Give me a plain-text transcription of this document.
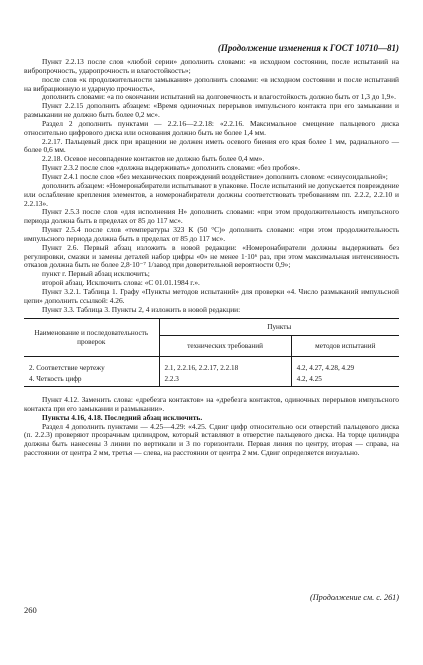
(Продолжение изменения к ГОСТ 10710—81)

Пункт 2.2.13 после слов «любой серии» дополнить словами: «в исходном состоянии, после испытаний на вибропрочность, ударопрочность и влагостойкость»;

после слов «к продолжительности замыкания» дополнить словами: «в исходном состоянии и после испытаний на вибрационную и ударную прочность»,

дополнить словами: «а по окончании испытаний на долговечность и влагостойкость должно быть от 1,3 до 1,9».

Пункт 2.2.15 дополнить абзацем: «Время одиночных перерывов импульсного контакта при его замыкании и размыкании не должно быть более 0,2 мс».

Раздел 2 дополнить пунктами — 2.2.16—2.2.18: «2.2.16. Максимальное смещение пальцевого диска относительно цифрового диска или основания должно быть не более 1,4 мм.

2.2.17. Пальцевый диск при вращении не должен иметь осевого биения его края более 1 мм, радиального — более 0,6 мм.

2.2.18. Осевое несовпадение контактов не должно быть более 0,4 мм».

Пункт 2.3.2 после слов «должна выдерживать» дополнить словами: «без пробоя».

Пункт 2.4.1 после слов «без механических повреждений воздействие» дополнить словом: «синусоидальной»;

дополнить абзацем: «Номеронабиратели испытывают в упаковке. После испытаний не допускается повреждение или ослабление крепления элементов, а номеронабиратели должны соответствовать требованиям пп. 2.2.2, 2.2.10 и 2.2.13».

Пункт 2.5.3 после слов «для исполнения Н» дополнить словами: «при этом продолжительность импульсного периода должна быть в пределах от 85 до 117 мс».

Пункт 2.5.4 после слов «температуры 323 К (50 °С)» дополнить словами: «при этом продолжительность импульсного периода должна быть в пределах от 85 до 117 мс».

Пункт 2.6. Первый абзац изложить в новой редакции: «Номеронабиратели должны выдерживать без регулировки, смазки и замены деталей набор цифры «0» не менее 1·10⁶ раз, при этом максимальная интенсивность отказов должна быть не более 2,8·10⁻⁷ 1/завод при доверительной вероятности 0,9»;

пункт г. Первый абзац исключить;

второй абзац. Исключить слова: «С 01.01.1984 г.».

Пункт 3.2.1. Таблица 1. Графу «Пункты методов испытаний» для проверки «4. Число размыканий импульсной цепи» дополнить ссылкой: 4.26.

Пункт 3.3. Таблица 3. Пункты 2, 4 изложить в новой редакции:

Наименование и последовательность проверок	Пункты	
	технических требований	методов испытаний
2. Соответствие чертежу	2.1, 2.2.16, 2.2.17, 2.2.18	4.2, 4.27, 4.28, 4.29
4. Четкость цифр	2.2.3	4.2, 4.25

Пункт 4.12. Заменить слова: «дребезга контактов» на «дребезга контактов, одиночных перерывов импульсного контакта при его замыкании и размыкании».

Пункты 4.16, 4.18. Последний абзац исключить.

Раздел 4 дополнить пунктами — 4.25—4.29: «4.25. Сдвиг цифр относительно оси отверстий пальцевого диска (п. 2.2.3) проверяют прозрачным цилиндром, который вставляют в отверстие пальцевого диска. На торце цилиндра должны быть нанесены 3 линии по вертикали и 3 по горизонтали. Первая линия по центру, вторая — справа, на расстоянии от центра 2 мм, третья — слева, на расстоянии от центра 2 мм. Сдвиг определяется визуально.

(Продолжение см. с. 261)
260
